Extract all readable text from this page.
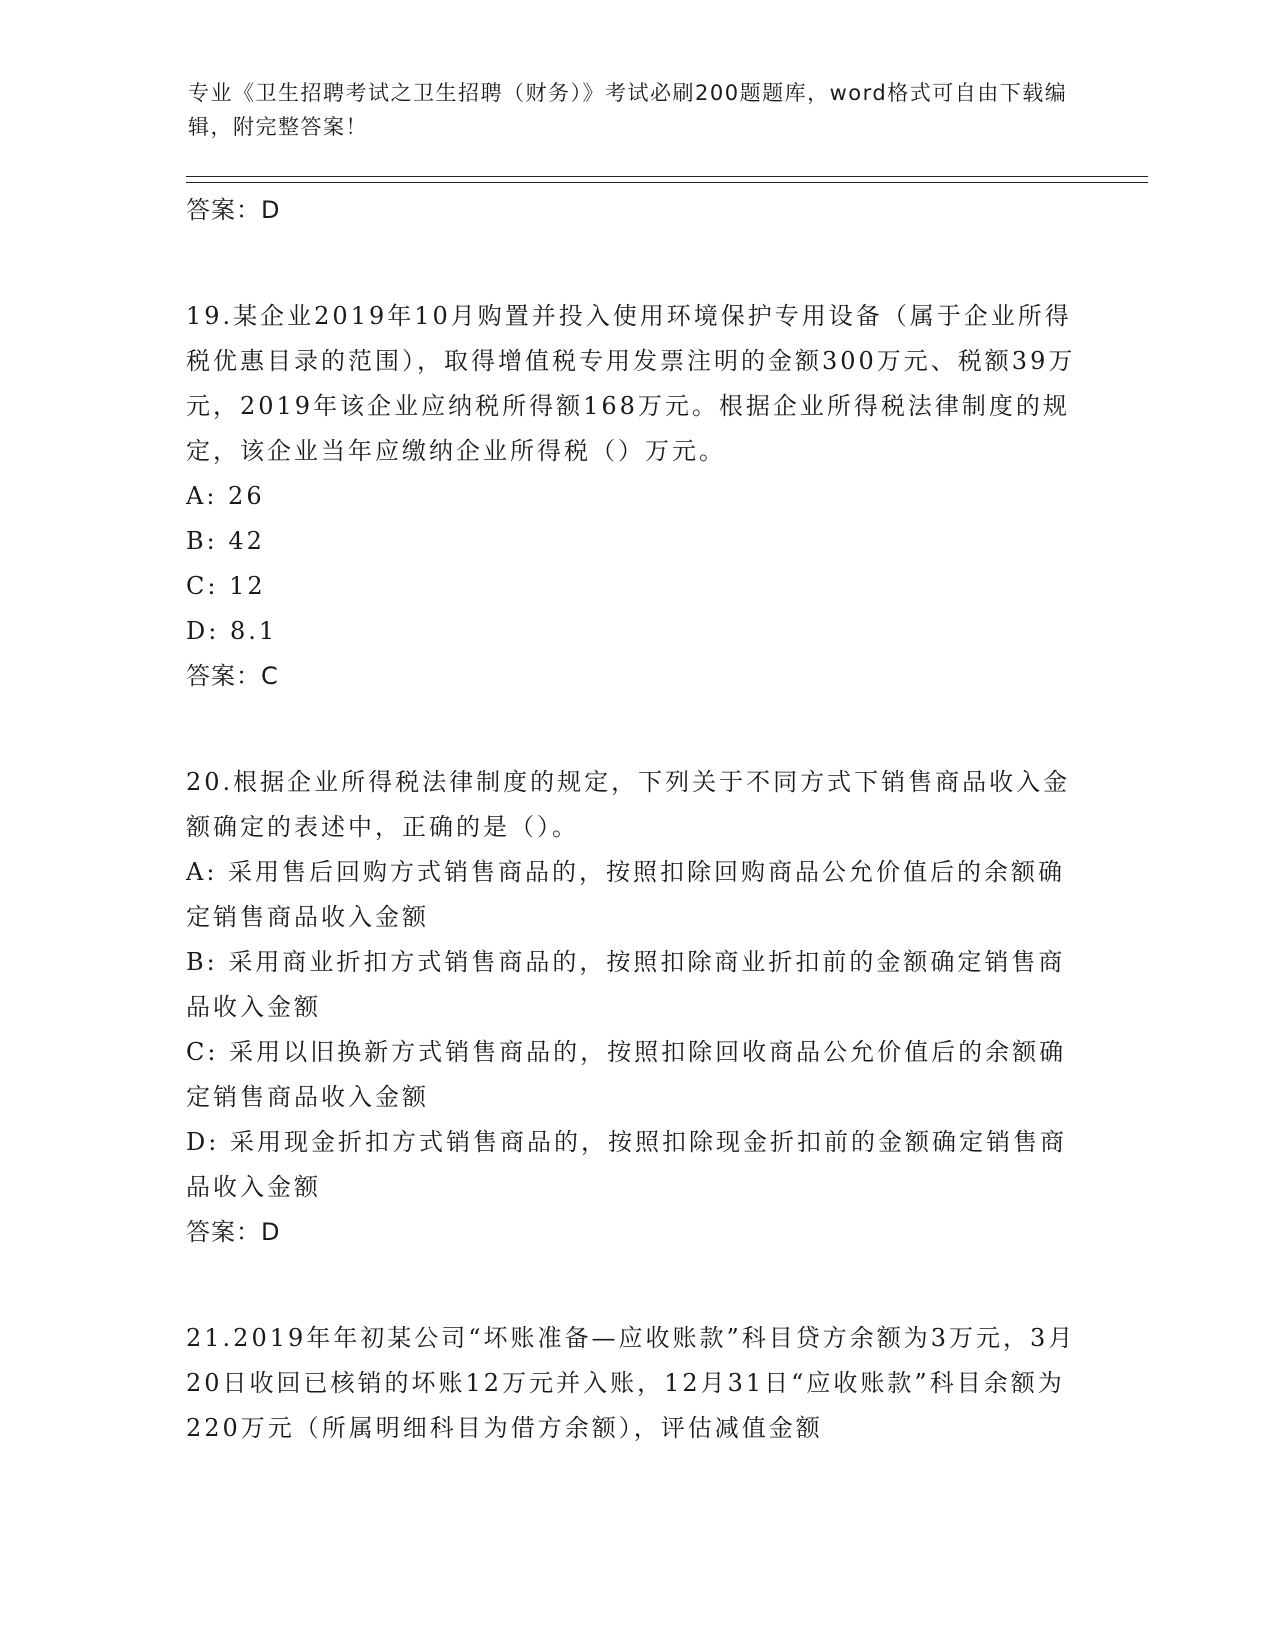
专业《卫生招聘考试之卫生招聘（财务）》考试必刷200题题库，word格式可自由下载编辑，附完整答案！

答案：D

19.某企业2019年10月购置并投入使用环境保护专用设备（属于企业所得税优惠目录的范围），取得增值税专用发票注明的金额300万元、税额39万元，2019年该企业应纳税所得额168万元。根据企业所得税法律制度的规定，该企业当年应缴纳企业所得税（）万元。

A: 26

B: 42

C: 12

D: 8.1

答案：C

20.根据企业所得税法律制度的规定，下列关于不同方式下销售商品收入金额确定的表述中，正确的是（）。

A: 采用售后回购方式销售商品的，按照扣除回购商品公允价值后的余额确定销售商品收入金额

B: 采用商业折扣方式销售商品的，按照扣除商业折扣前的金额确定销售商品收入金额

C: 采用以旧换新方式销售商品的，按照扣除回收商品公允价值后的余额确定销售商品收入金额

D: 采用现金折扣方式销售商品的，按照扣除现金折扣前的金额确定销售商品收入金额

答案：D

21.2019年年初某公司“坏账准备—应收账款”科目贷方余额为3万元，3月20日收回已核销的坏账12万元并入账，12月31日“应收账款”科目余额为220万元（所属明细科目为借方余额），评估减值金额
